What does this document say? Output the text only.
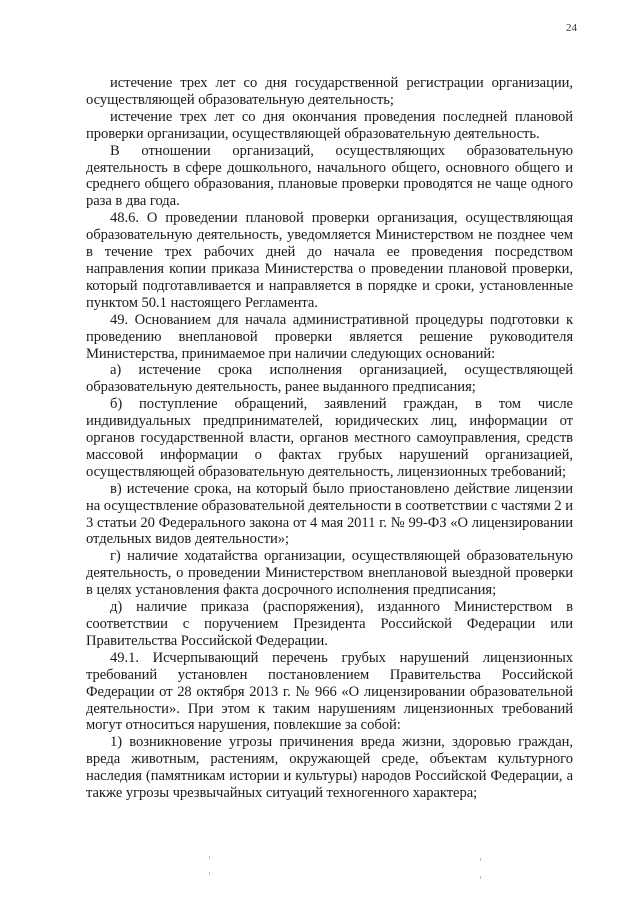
24

истечение трех лет со дня государственной регистрации организации, осуществляющей образовательную деятельность;

истечение трех лет со дня окончания проведения последней плановой проверки организации, осуществляющей образовательную деятельность.

В отношении организаций, осуществляющих образовательную деятельность в сфере дошкольного, начального общего, основного общего и среднего общего образования, плановые проверки проводятся не чаще одного раза в два года.

48.6. О проведении плановой проверки организация, осуществляющая образовательную деятельность, уведомляется Министерством не позднее чем в течение трех рабочих дней до начала ее проведения посредством направления копии приказа Министерства о проведении плановой проверки, который подготавливается и направляется в порядке и сроки, установленные пунктом 50.1 настоящего Регламента.

49. Основанием для начала административной процедуры подготовки к проведению внеплановой проверки является решение руководителя Министерства, принимаемое при наличии следующих оснований:

а) истечение срока исполнения организацией, осуществляющей образовательную деятельность, ранее выданного предписания;

б) поступление обращений, заявлений граждан, в том числе индивидуальных предпринимателей, юридических лиц, информации от органов государственной власти, органов местного самоуправления, средств массовой информации о фактах грубых нарушений организацией, осуществляющей образовательную деятельность, лицензионных требований;

в) истечение срока, на который было приостановлено действие лицензии на осуществление образовательной деятельности в соответствии с частями 2 и 3 статьи 20 Федерального закона от 4 мая 2011 г. № 99-ФЗ «О лицензировании отдельных видов деятельности»;

г) наличие ходатайства организации, осуществляющей образовательную деятельность, о проведении Министерством внеплановой выездной проверки в целях установления факта досрочного исполнения предписания;

д) наличие приказа (распоряжения), изданного Министерством в соответствии с поручением Президента Российской Федерации или Правительства Российской Федерации.

49.1. Исчерпывающий перечень грубых нарушений лицензионных требований установлен постановлением Правительства Российской Федерации от 28 октября 2013 г. № 966 «О лицензировании образовательной деятельности». При этом к таким нарушениям лицензионных требований могут относиться нарушения, повлекшие за собой:

1) возникновение угрозы причинения вреда жизни, здоровью граждан, вреда животным, растениям, окружающей среде, объектам культурного наследия (памятникам истории и культуры) народов Российской Федерации, а также угрозы чрезвычайных ситуаций техногенного характера;
